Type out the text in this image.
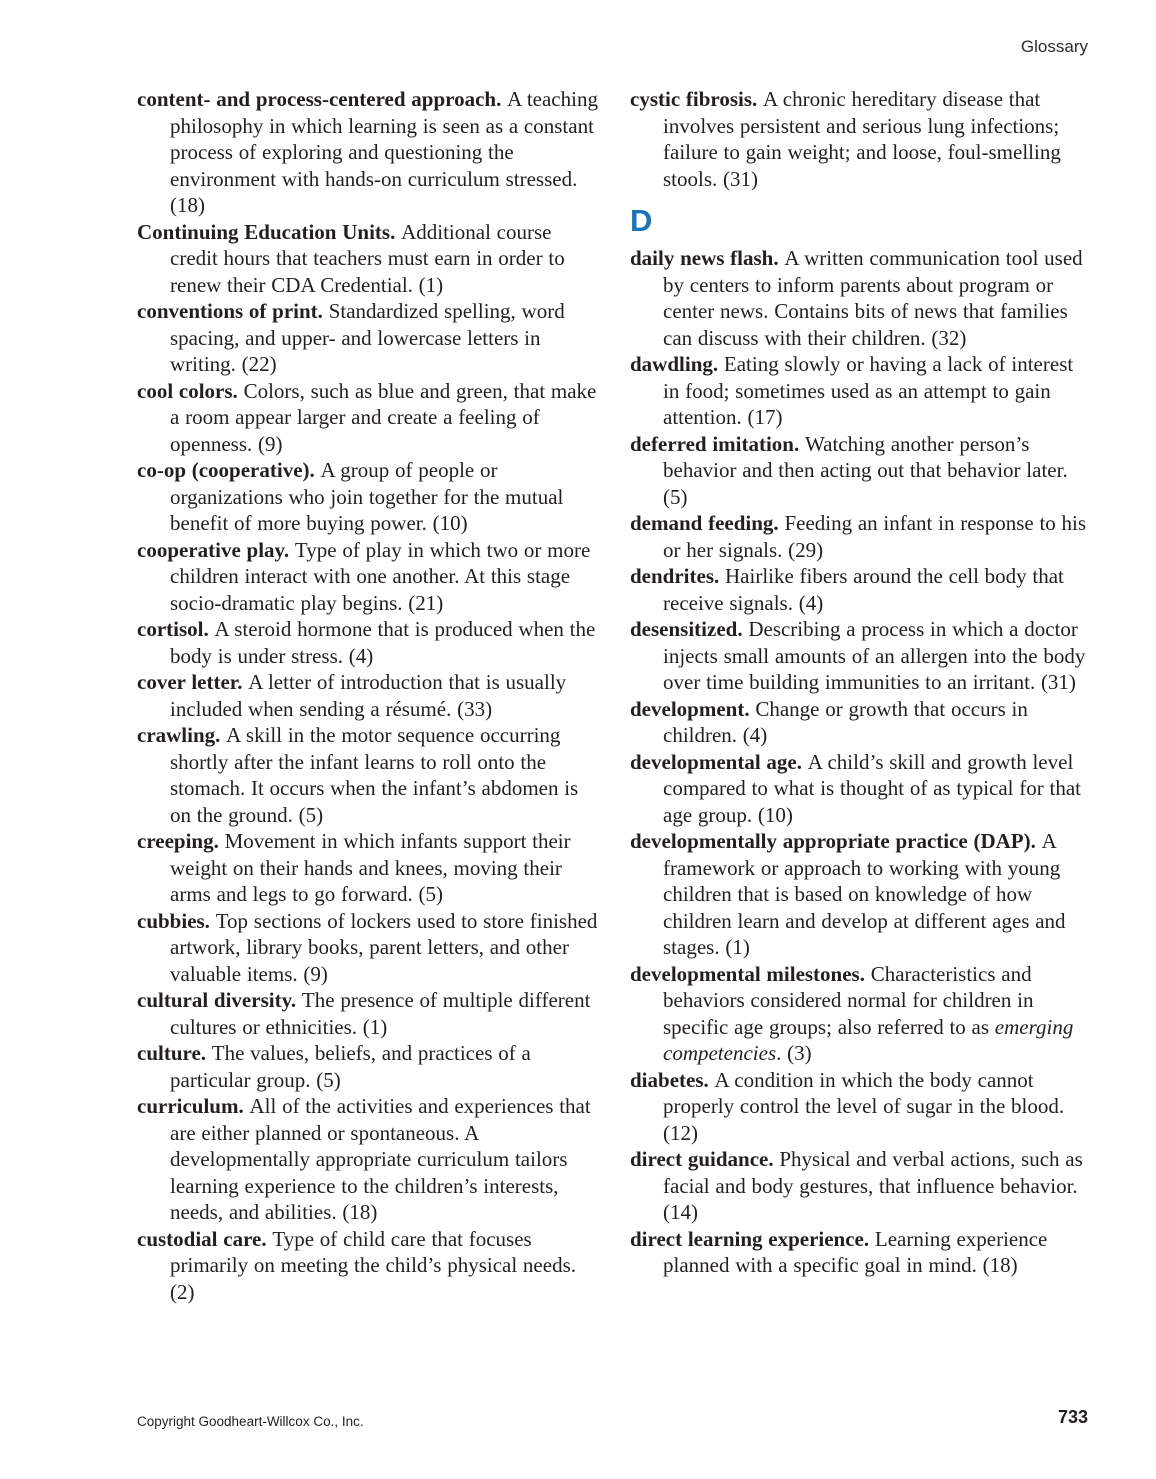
Glossary

content- and process-centered approach. A teaching philosophy in which learning is seen as a constant process of exploring and questioning the environment with hands-on curriculum stressed. (18)

Continuing Education Units. Additional course credit hours that teachers must earn in order to renew their CDA Credential. (1)

conventions of print. Standardized spelling, word spacing, and upper- and lowercase letters in writing. (22)

cool colors. Colors, such as blue and green, that make a room appear larger and create a feeling of openness. (9)

co-op (cooperative). A group of people or organizations who join together for the mutual benefit of more buying power. (10)

cooperative play. Type of play in which two or more children interact with one another. At this stage socio-dramatic play begins. (21)

cortisol. A steroid hormone that is produced when the body is under stress. (4)

cover letter. A letter of introduction that is usually included when sending a résumé. (33)

crawling. A skill in the motor sequence occurring shortly after the infant learns to roll onto the stomach. It occurs when the infant’s abdomen is on the ground. (5)

creeping. Movement in which infants support their weight on their hands and knees, moving their arms and legs to go forward. (5)

cubbies. Top sections of lockers used to store finished artwork, library books, parent letters, and other valuable items. (9)

cultural diversity. The presence of multiple different cultures or ethnicities. (1)

culture. The values, beliefs, and practices of a particular group. (5)

curriculum. All of the activities and experiences that are either planned or spontaneous. A developmentally appropriate curriculum tailors learning experience to the children’s interests, needs, and abilities. (18)

custodial care. Type of child care that focuses primarily on meeting the child’s physical needs. (2)

cystic fibrosis. A chronic hereditary disease that involves persistent and serious lung infections; failure to gain weight; and loose, foul-smelling stools. (31)

D

daily news flash. A written communication tool used by centers to inform parents about program or center news. Contains bits of news that families can discuss with their children. (32)

dawdling. Eating slowly or having a lack of interest in food; sometimes used as an attempt to gain attention. (17)

deferred imitation. Watching another person’s behavior and then acting out that behavior later. (5)

demand feeding. Feeding an infant in response to his or her signals. (29)

dendrites. Hairlike fibers around the cell body that receive signals. (4)

desensitized. Describing a process in which a doctor injects small amounts of an allergen into the body over time building immunities to an irritant. (31)

development. Change or growth that occurs in children. (4)

developmental age. A child’s skill and growth level compared to what is thought of as typical for that age group. (10)

developmentally appropriate practice (DAP). A framework or approach to working with young children that is based on knowledge of how children learn and develop at different ages and stages. (1)

developmental milestones. Characteristics and behaviors considered normal for children in specific age groups; also referred to as emerging competencies. (3)

diabetes. A condition in which the body cannot properly control the level of sugar in the blood. (12)

direct guidance. Physical and verbal actions, such as facial and body gestures, that influence behavior. (14)

direct learning experience. Learning experience planned with a specific goal in mind. (18)

Copyright Goodheart-Willcox Co., Inc.	733
